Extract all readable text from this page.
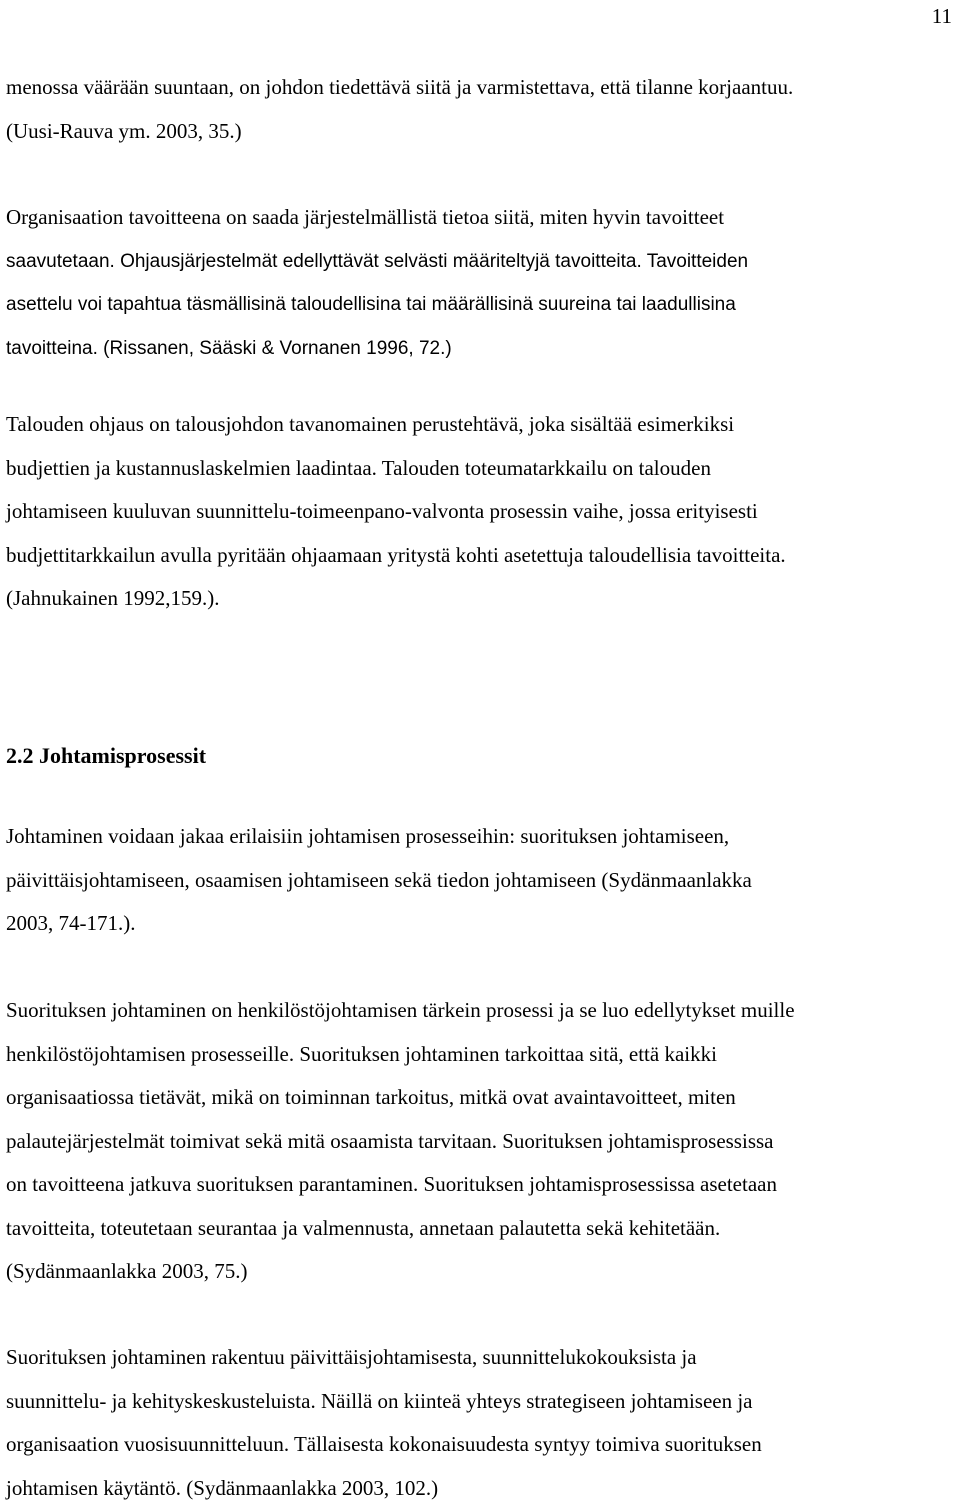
11
menossa väärään suuntaan, on johdon tiedettävä siitä ja varmistettava, että tilanne korjaantuu.
(Uusi-Rauva ym. 2003, 35.)
Organisaation tavoitteena on saada järjestelmällistä tietoa siitä, miten hyvin tavoitteet
saavutetaan. Ohjausjärjestelmät edellyttävät selvästi määriteltyjä tavoitteita. Tavoitteiden
asettelu voi tapahtua täsmällisinä taloudellisina tai määrällisinä suureina tai laadullisina
tavoitteina. (Rissanen, Sääski & Vornanen 1996, 72.)
Talouden ohjaus on talousjohdon tavanomainen perustehtävä, joka sisältää esimerkiksi
budjettien ja kustannuslaskelmien laadintaa. Talouden toteumatarkkailu on talouden
johtamiseen kuuluvan suunnittelu-toimeenpano-valvonta prosessin vaihe, jossa erityisesti
budjettitarkkailun avulla pyritään ohjaamaan yritystä kohti asetettuja taloudellisia tavoitteita.
(Jahnukainen 1992,159.).
2.2 Johtamisprosessit
Johtaminen voidaan jakaa erilaisiin johtamisen prosesseihin: suorituksen johtamiseen,
päivittäisjohtamiseen, osaamisen johtamiseen sekä tiedon johtamiseen (Sydänmaanlakka
2003, 74-171.).
Suorituksen johtaminen on henkilöstöjohtamisen tärkein prosessi ja se luo edellytykset muille
henkilöstöjohtamisen prosesseille. Suorituksen johtaminen tarkoittaa sitä, että kaikki
organisaatiossa tietävät, mikä on toiminnan tarkoitus, mitkä ovat avaintavoitteet, miten
palautejärjestelmät toimivat sekä mitä osaamista tarvitaan. Suorituksen johtamisprosessissa
on tavoitteena jatkuva suorituksen parantaminen. Suorituksen johtamisprosessissa asetetaan
tavoitteita, toteutetaan seurantaa ja valmennusta, annetaan palautetta sekä kehitetään.
(Sydänmaanlakka 2003, 75.)
Suorituksen johtaminen rakentuu päivittäisjohtamisesta, suunnittelukokouksista ja
suunnittelu- ja kehityskeskusteluista. Näillä on kiinteä yhteys strategiseen johtamiseen ja
organisaation vuosisuunnitteluun. Tällaisesta kokonaisuudesta syntyy toimiva suorituksen
johtamisen käytäntö. (Sydänmaanlakka 2003, 102.)
